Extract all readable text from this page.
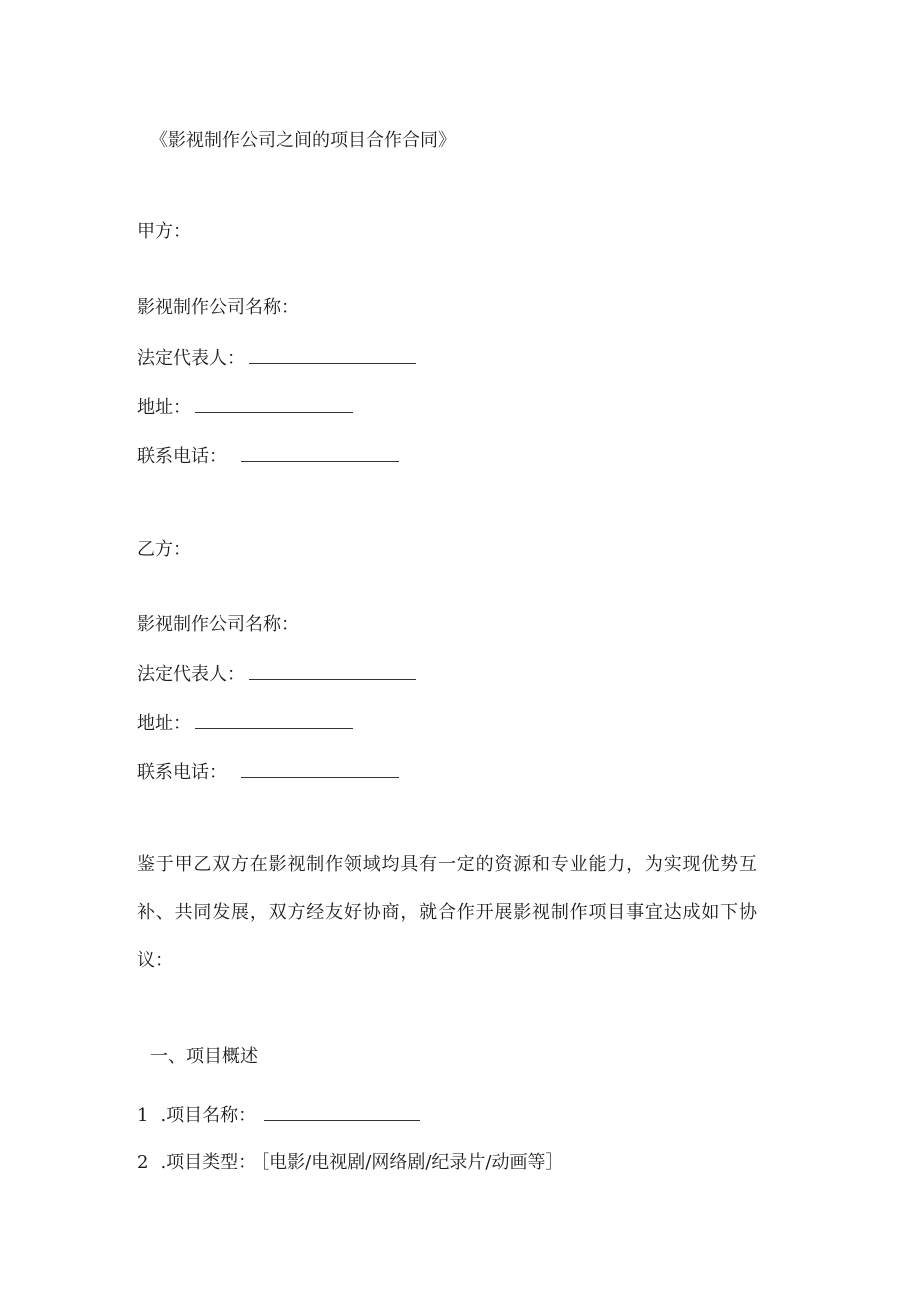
《影视制作公司之间的项目合作合同》
甲方：
影视制作公司名称：
法定代表人：
地址：
联系电话：
乙方：
影视制作公司名称：
法定代表人：
地址：
联系电话：
鉴于甲乙双方在影视制作领域均具有一定的资源和专业能力，为实现优势互补、共同发展，双方经友好协商，就合作开展影视制作项目事宜达成如下协议：
一、项目概述
1 .项目名称：
2 .项目类型： ［电影/电视剧/网络剧/纪录片/动画等］
